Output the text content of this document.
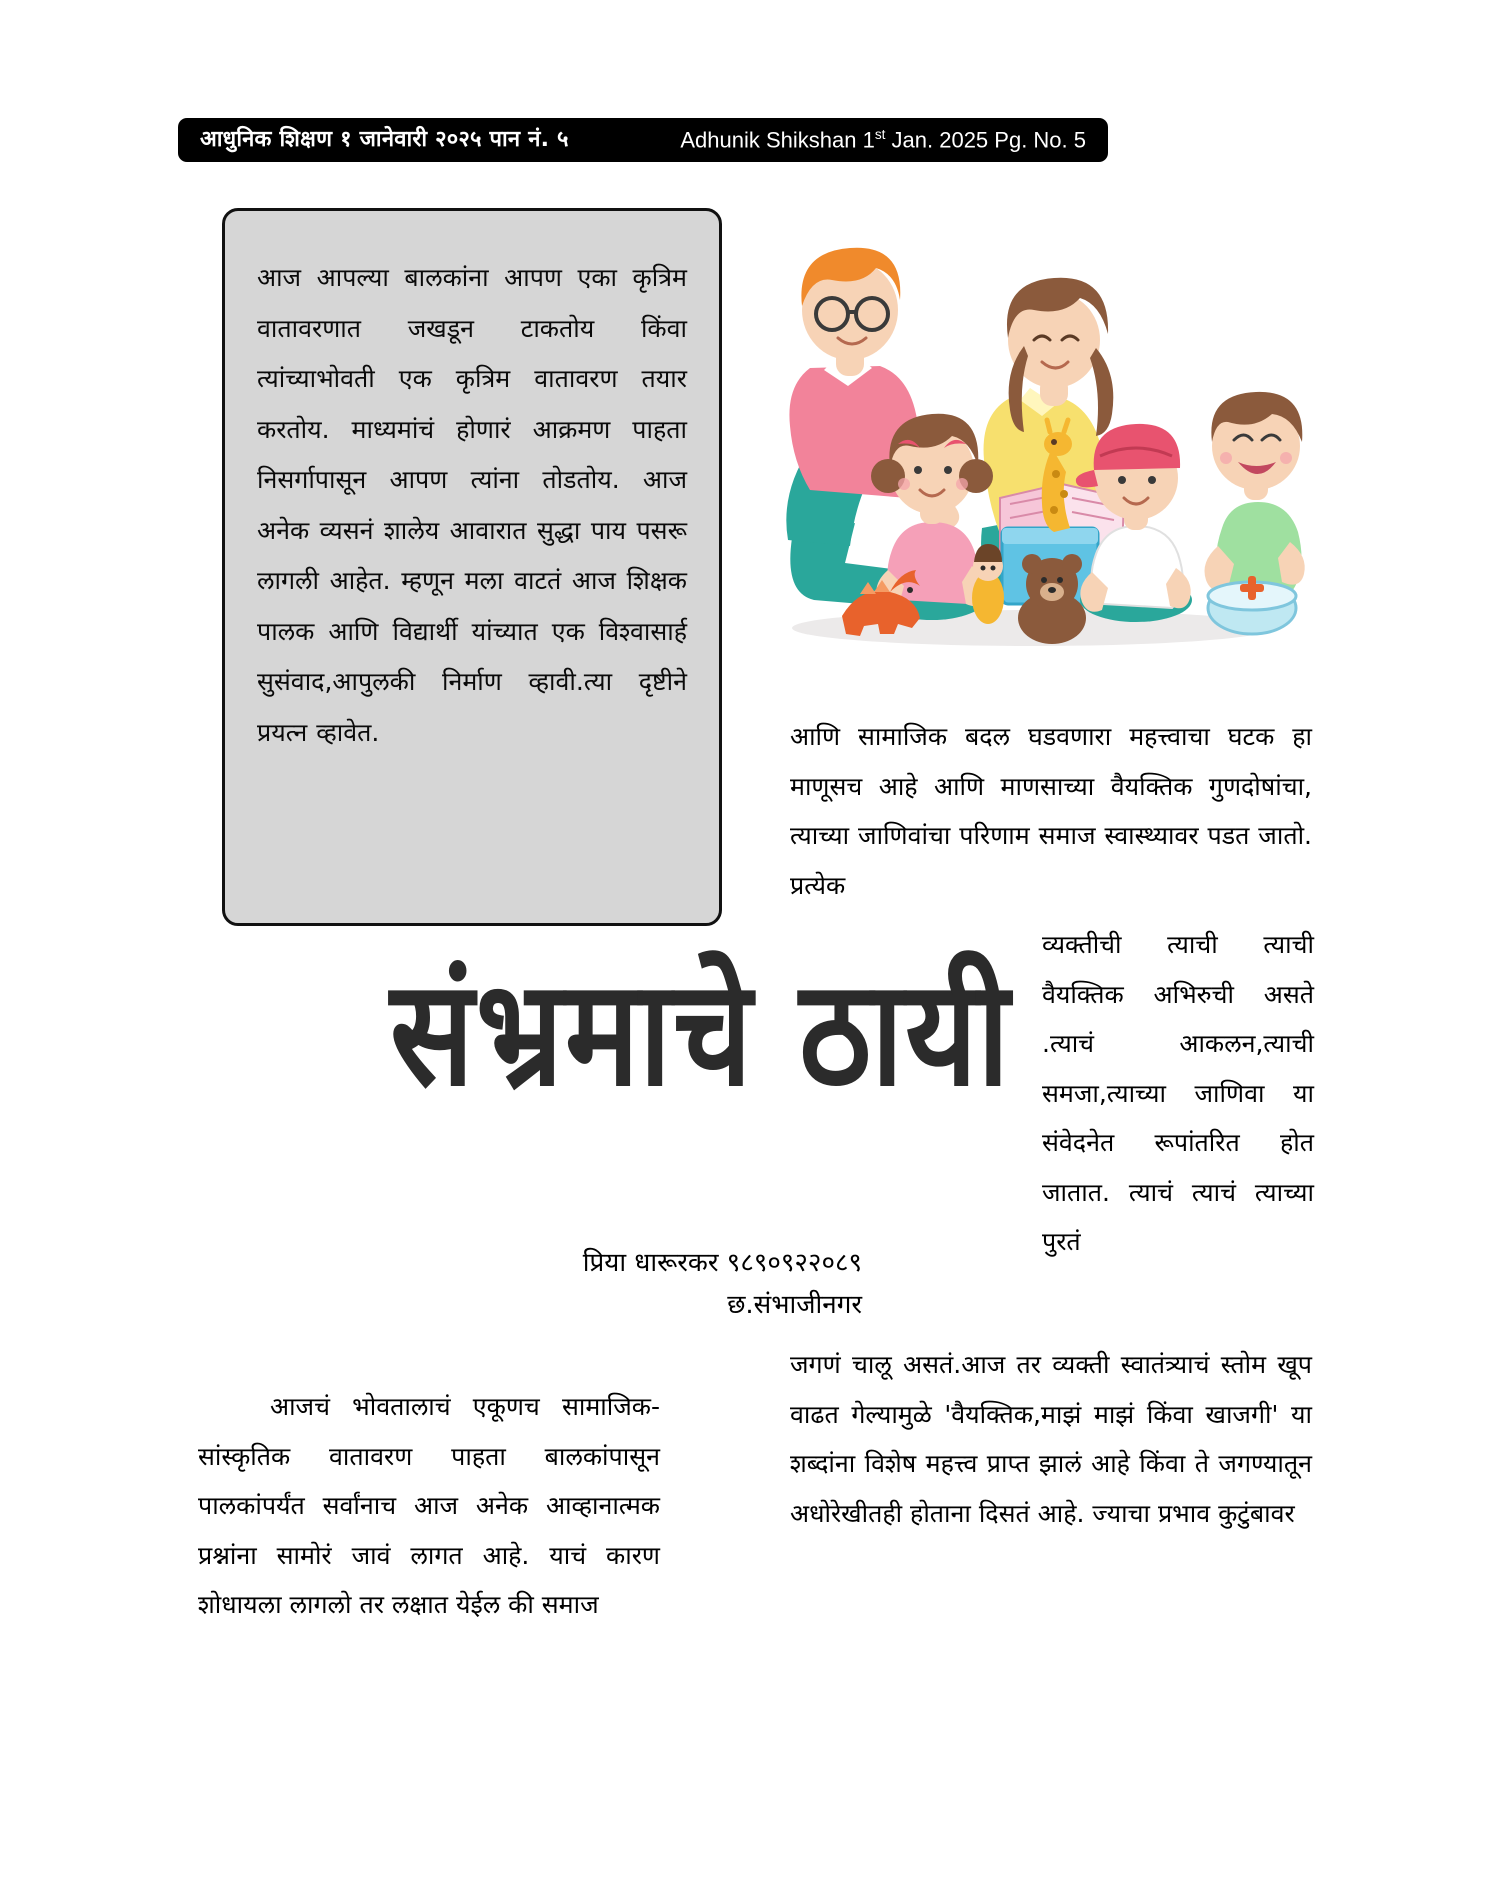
आधुनिक शिक्षण १ जानेवारी २०२५ पान नं. ५	Adhunik Shikshan 1st Jan. 2025 Pg. No. 5

आज आपल्या बालकांना आपण एका कृत्रिम वातावरणात जखडून टाकतोय किंवा त्यांच्याभोवती एक कृत्रिम वातावरण तयार करतोय. माध्यमांचं होणारं आक्रमण पाहता निसर्गापासून आपण त्यांना तोडतोय. आज अनेक व्यसनं शालेय आवारात सुद्धा पाय पसरू लागली आहेत. म्हणून मला वाटतं आज शिक्षक पालक आणि विद्यार्थी यांच्यात एक विश्वासार्ह सुसंवाद,आपुलकी निर्माण व्हावी.त्या दृष्टीने प्रयत्न व्हावेत.

संभ्रमाचे ठायी
प्रिया धारूरकर ९८९०९२२०८९
छ.संभाजीनगर

आणि सामाजिक बदल घडवणारा महत्त्वाचा घटक हा माणूसच आहे आणि माणसाच्या वैयक्तिक गुणदोषांचा, त्याच्या जाणिवांचा परिणाम समाज स्वास्थ्यावर पडत जातो. प्रत्येक

व्यक्तीची त्याची त्याची वैयक्तिक अभिरुची असते .त्याचं आकलन,त्याची समजा,त्याच्या जाणिवा या संवेदनेत रूपांतरित होत जातात. त्याचं त्याचं त्याच्या पुरतं

जगणं चालू असतं.आज तर व्यक्ती स्वातंत्र्याचं स्तोम खूप वाढत गेल्यामुळे 'वैयक्तिक,माझं माझं किंवा खाजगी' या शब्दांना विशेष महत्त्व प्राप्त झालं आहे किंवा ते जगण्यातून अधोरेखीतही होताना दिसतं आहे. ज्याचा प्रभाव कुटुंबावर

आजचं भोवतालाचं एकूणच सामाजिक-सांस्कृतिक वातावरण पाहता बालकांपासून पालकांपर्यंत सर्वांनाच आज अनेक आव्हानात्मक प्रश्नांना सामोरं जावं लागत आहे. याचं कारण शोधायला लागलो तर लक्षात येईल की समाज
